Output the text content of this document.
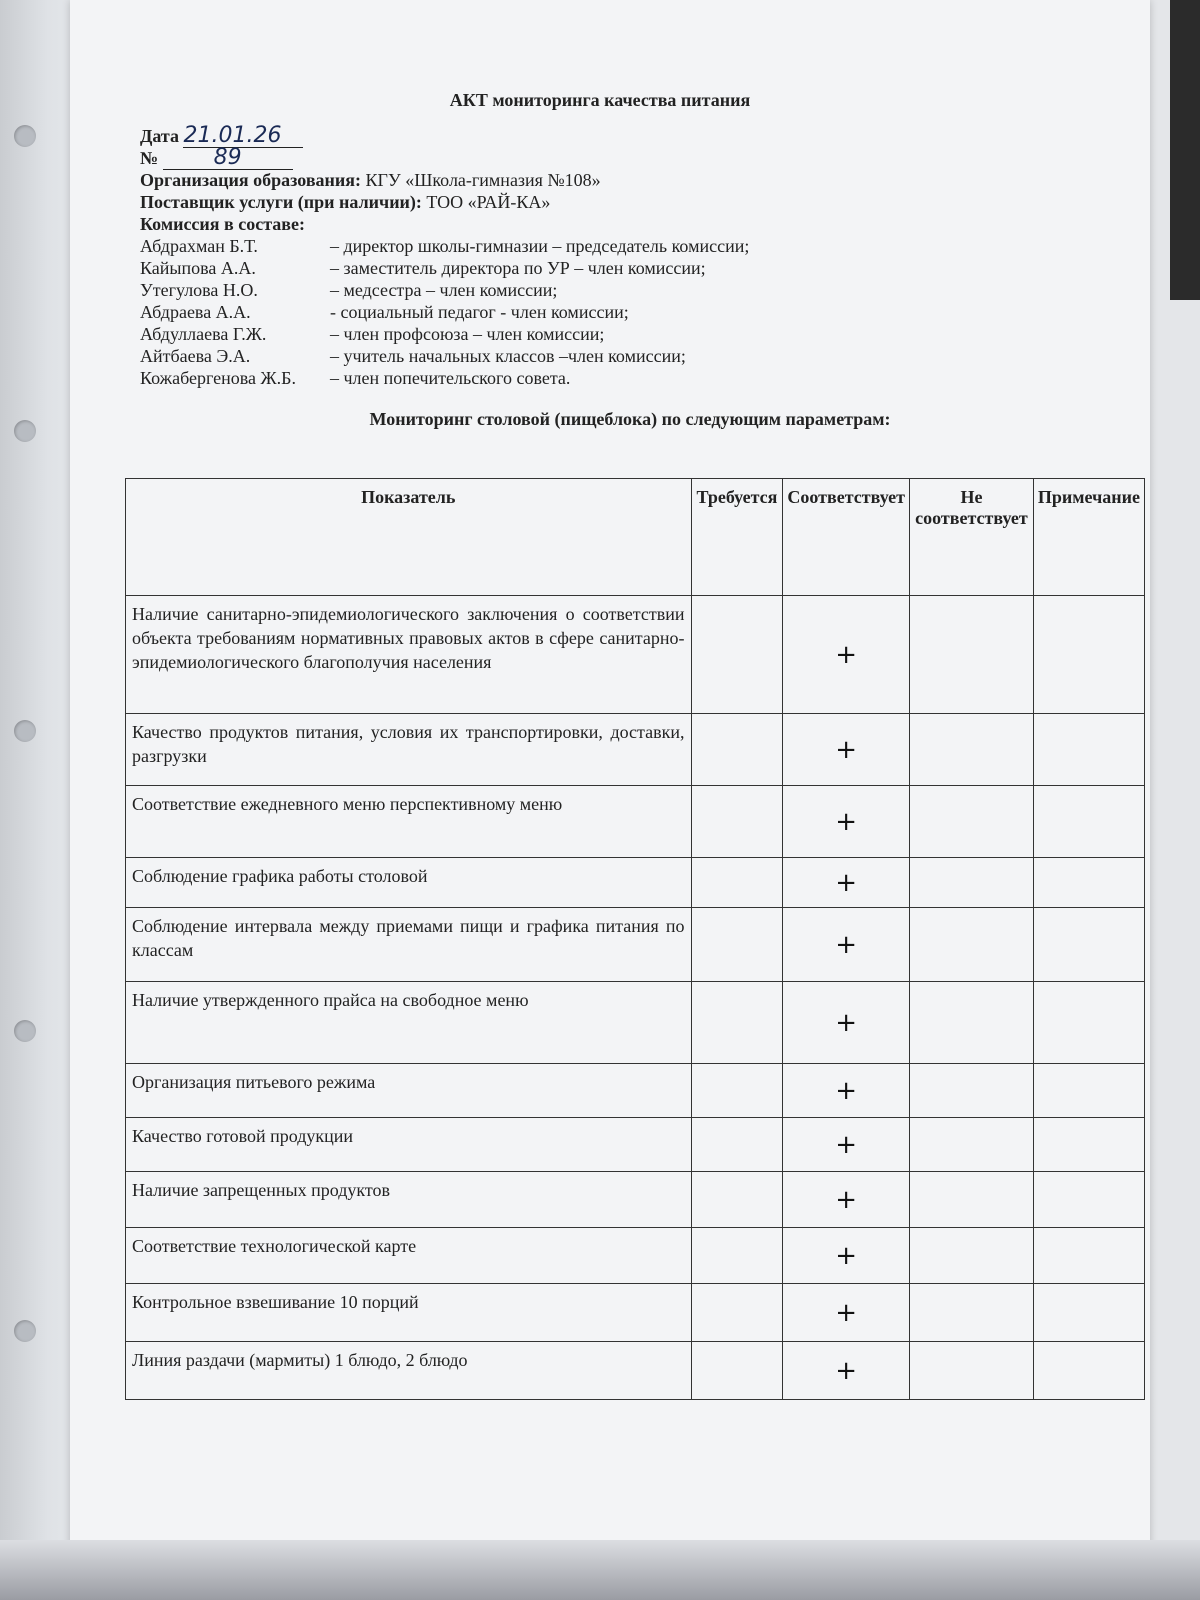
АКТ мониторинга качества питания
Дата 21.01.26
№	89
Организация образования: КГУ «Школа-гимназия №108»
Поставщик услуги (при наличии): ТОО «РАЙ-КА»
Комиссия в составе:
Абдрахман Б.Т.	– директор школы-гимназии – председатель комиссии;
Кайыпова А.А.	– заместитель директора по УР – член комиссии;
Утегулова Н.О.	– медсестра – член комиссии;
Абдраева А.А.	- социальный педагог - член комиссии;
Абдуллаева Г.Ж.	– член профсоюза – член комиссии;
Айтбаева Э.А.	– учитель начальных классов –член комиссии;
Кожабергенова Ж.Б.	– член попечительского совета.
Мониторинг столовой (пищеблока) по следующим параметрам:
Показатель	Требуется	Соответствует	Не соответствует	Примечание
Наличие санитарно-эпидемиологического заключения о соответствии объекта требованиям нормативных правовых актов в сфере санитарно-эпидемиологического благополучия населения		+		
Качество продуктов питания, условия их транспортировки, доставки, разгрузки		+		
Соответствие ежедневного меню перспективному меню		+		
Соблюдение графика работы столовой		+		
Соблюдение интервала между приемами пищи и графика питания по классам		+		
Наличие утвержденного прайса на свободное меню		+		
Организация питьевого режима		+		
Качество готовой продукции		+		
Наличие запрещенных продуктов		+		
Соответствие технологической карте		+		
Контрольное взвешивание 10 порций		+		
Линия раздачи (мармиты) 1 блюдо, 2 блюдо		+		
